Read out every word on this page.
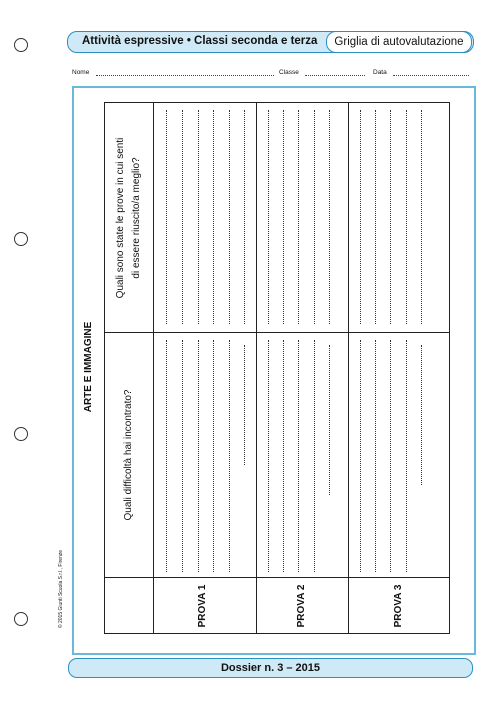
Attività espressive • Classi seconda e terza	Griglia di autovalutazione
Nome	Classe	Data
ARTE E IMMAGINE
© 2015 Giunti Scuola S.r.l., Firenze
Quali difficoltà hai incontrato?
Quali sono state le prove in cui senti di essere riuscito/a meglio?
PROVA 1	PROVA 2	PROVA 3
Dossier n. 3 – 2015
